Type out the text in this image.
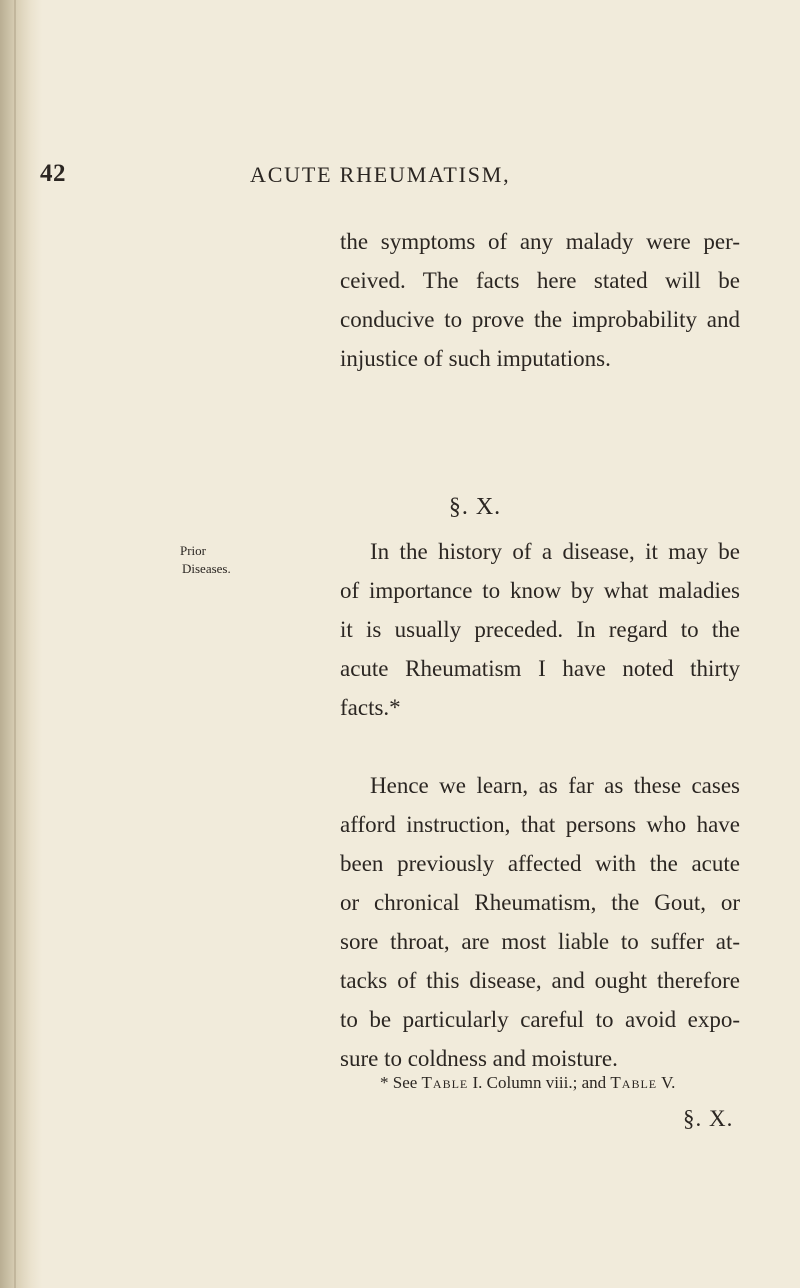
42	ACUTE RHEUMATISM,
the symptoms of any malady were per-
ceived. The facts here stated will be
conducive to prove the improbability and
injustice of such imputations.
§. X.
Prior
Diseases.
In the history of a disease, it may be
of importance to know by what maladies
it is usually preceded. In regard to the
acute Rheumatism I have noted thirty
facts.*
Hence we learn, as far as these cases
afford instruction, that persons who have
been previously affected with the acute
or chronical Rheumatism, the Gout, or
sore throat, are most liable to suffer at-
tacks of this disease, and ought therefore
to be particularly careful to avoid expo-
sure to coldness and moisture.
* See Table I. Column viii.; and Table V.
§. X.
